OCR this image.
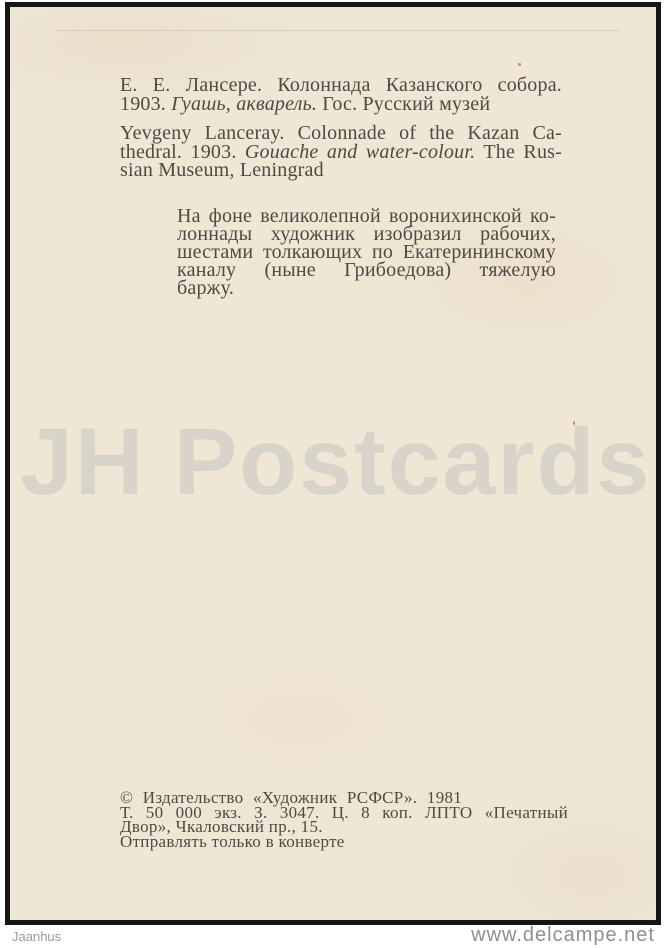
Е. Е. Лансере. Колоннада Казанского собора.
1903. Гуашь, акварель. Гос. Русский музей
Yevgeny Lanceray. Colonnade of the Kazan Ca-
thedral. 1903. Gouache and water-colour. The Rus-
sian Museum, Leningrad
На фоне великолепной воронихинской ко-
лоннады художник изобразил рабочих,
шестами толкающих по Екатерининскому
каналу (ныне Грибоедова) тяжелую
баржу.
JH Postcards
© Издательство «Художник РСФСР». 1981
Т. 50 000 экз. З. 3047. Ц. 8 коп. ЛПТО «Печатный
Двор», Чкаловский пр., 15.
Отправлять только в конверте
Jaanhus	www.delcampe.net
